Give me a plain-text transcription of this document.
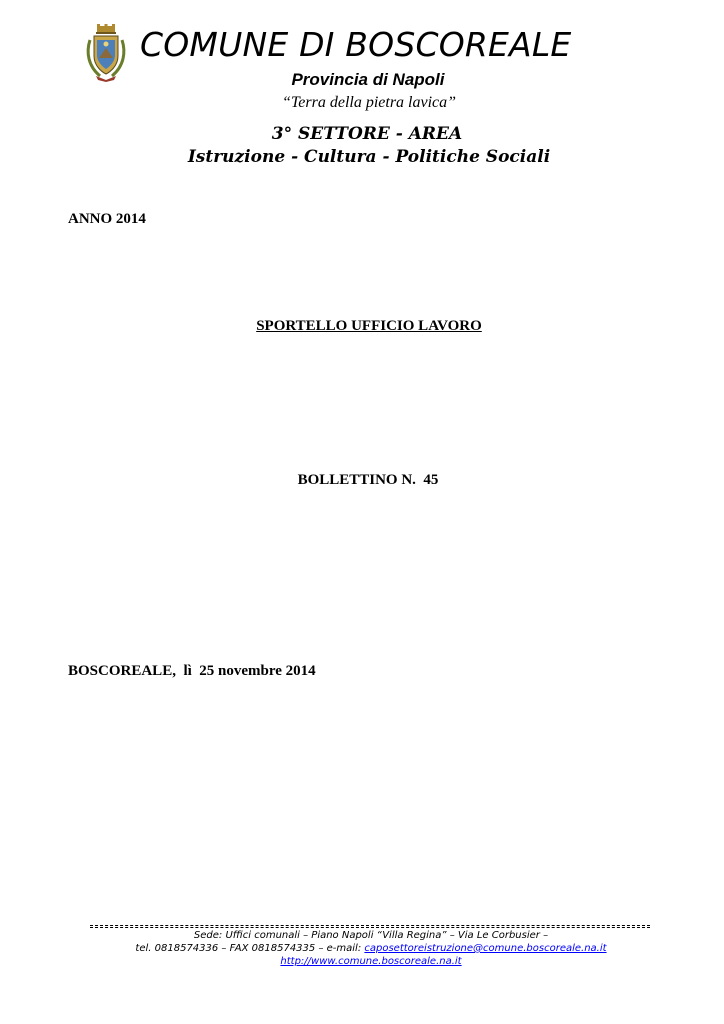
COMUNE DI BOSCOREALE
Provincia di Napoli
“Terra della pietra lavica”
3° SETTORE - AREA
Istruzione - Cultura - Politiche Sociali
ANNO 2014
SPORTELLO UFFICIO LAVORO
BOLLETTINO N.  45
BOSCOREALE,  lì  25 novembre 2014
Sede: Uffici comunali – Piano Napoli “Villa Regina” – Via Le Corbusier –
tel. 0818574336 – FAX 0818574335 – e-mail: caposettoreistruzione@comune.boscoreale.na.it
http://www.comune.boscoreale.na.it
